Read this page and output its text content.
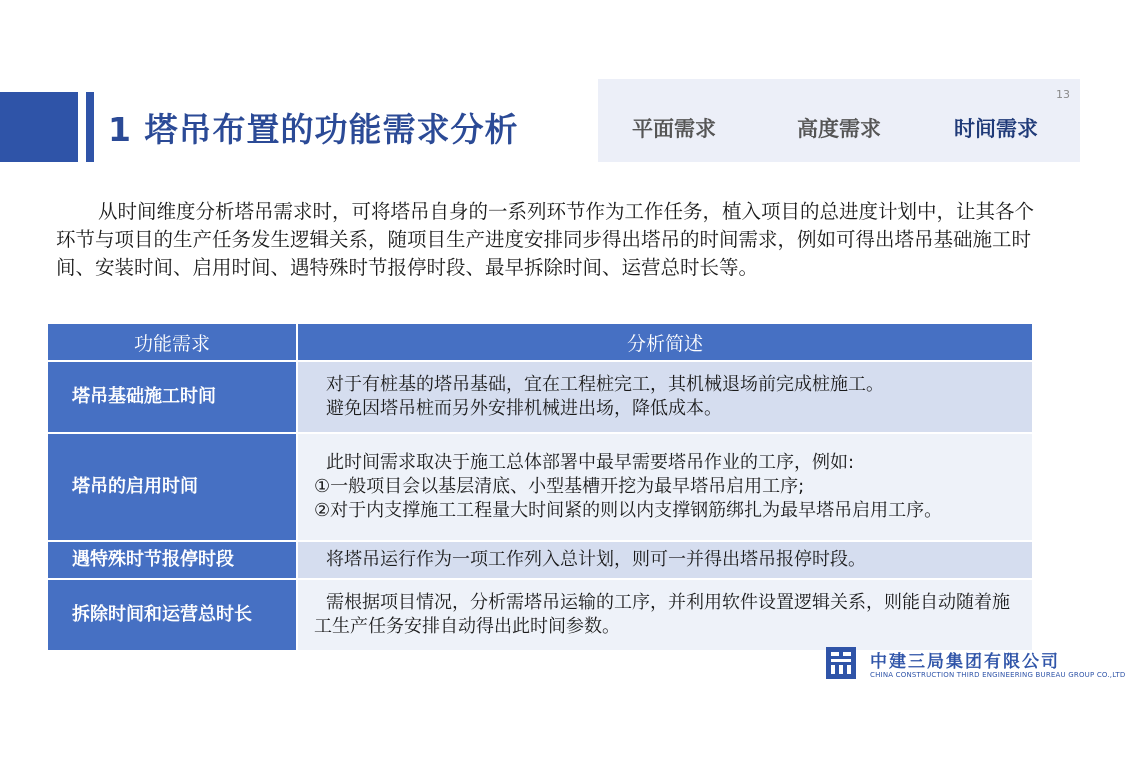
1 塔吊布置的功能需求分析
13
平面需求	高度需求	时间需求
从时间维度分析塔吊需求时，可将塔吊自身的一系列环节作为工作任务，植入项目的总进度计划中，让其各个环节与项目的生产任务发生逻辑关系，随项目生产进度安排同步得出塔吊的时间需求，例如可得出塔吊基础施工时间、安装时间、启用时间、遇特殊时节报停时段、最早拆除时间、运营总时长等。
功能需求	分析简述
塔吊基础施工时间	对于有桩基的塔吊基础，宜在工程桩完工，其机械退场前完成桩施工。
避免因塔吊桩而另外安排机械进出场，降低成本。

塔吊的启用时间	此时间需求取决于施工总体部署中最早需要塔吊作业的工序，例如:
①一般项目会以基层清底、小型基槽开挖为最早塔吊启用工序;
②对于内支撑施工工程量大时间紧的则以内支撑钢筋绑扎为最早塔吊启用工序。

遇特殊时节报停时段	将塔吊运行作为一项工作列入总计划，则可一并得出塔吊报停时段。

拆除时间和运营总时长	需根据项目情况，分析需塔吊运输的工序，并利用软件设置逻辑关系，则能自动随着施工生产任务安排自动得出此时间参数。
中建三局集团有限公司
CHINA CONSTRUCTION THIRD ENGINEERING BUREAU GROUP CO.,LTD
